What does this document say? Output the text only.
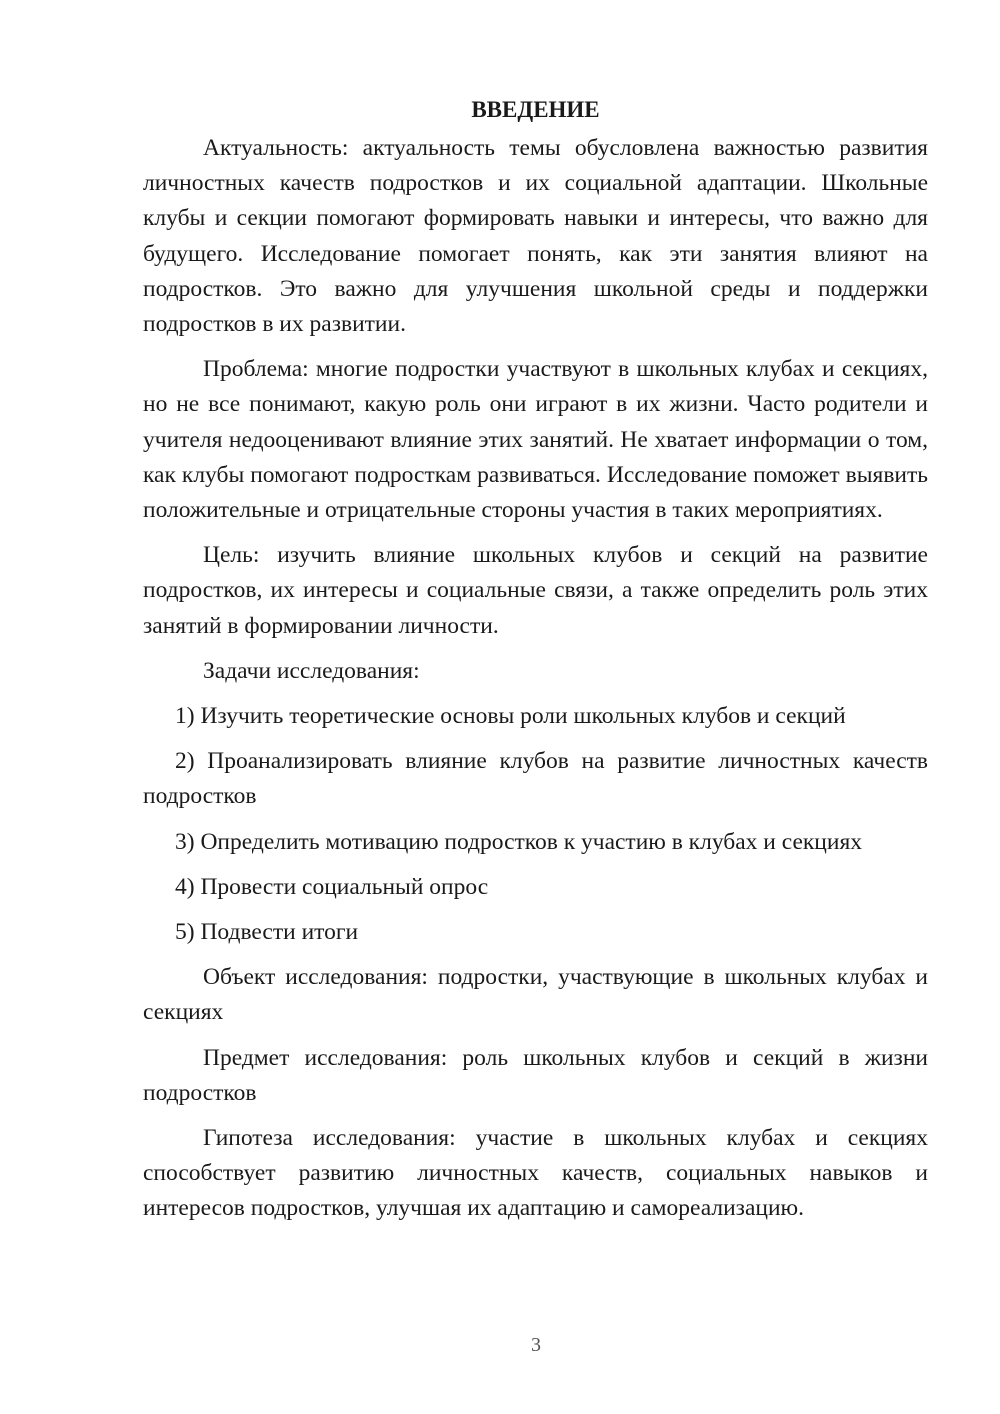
ВВЕДЕНИЕ

Актуальность: актуальность темы обусловлена важностью развития личностных качеств подростков и их социальной адаптации. Школьные клубы и секции помогают формировать навыки и интересы, что важно для будущего. Исследование помогает понять, как эти занятия влияют на подростков. Это важно для улучшения школьной среды и поддержки подростков в их развитии.

Проблема: многие подростки участвуют в школьных клубах и секциях, но не все понимают, какую роль они играют в их жизни. Часто родители и учителя недооценивают влияние этих занятий. Не хватает информации о том, как клубы помогают подросткам развиваться. Исследование поможет выявить положительные и отрицательные стороны участия в таких мероприятиях.

Цель: изучить влияние школьных клубов и секций на развитие подростков, их интересы и социальные связи, а также определить роль этих занятий в формировании личности.

Задачи исследования:

1) Изучить теоретические основы роли школьных клубов и секций

2) Проанализировать влияние клубов на развитие личностных качеств подростков

3) Определить мотивацию подростков к участию в клубах и секциях

4) Провести социальный опрос

5) Подвести итоги

Объект исследования: подростки, участвующие в школьных клубах и секциях

Предмет исследования: роль школьных клубов и секций в жизни подростков

Гипотеза исследования: участие в школьных клубах и секциях способствует развитию личностных качеств, социальных навыков и интересов подростков, улучшая их адаптацию и самореализацию.

3
